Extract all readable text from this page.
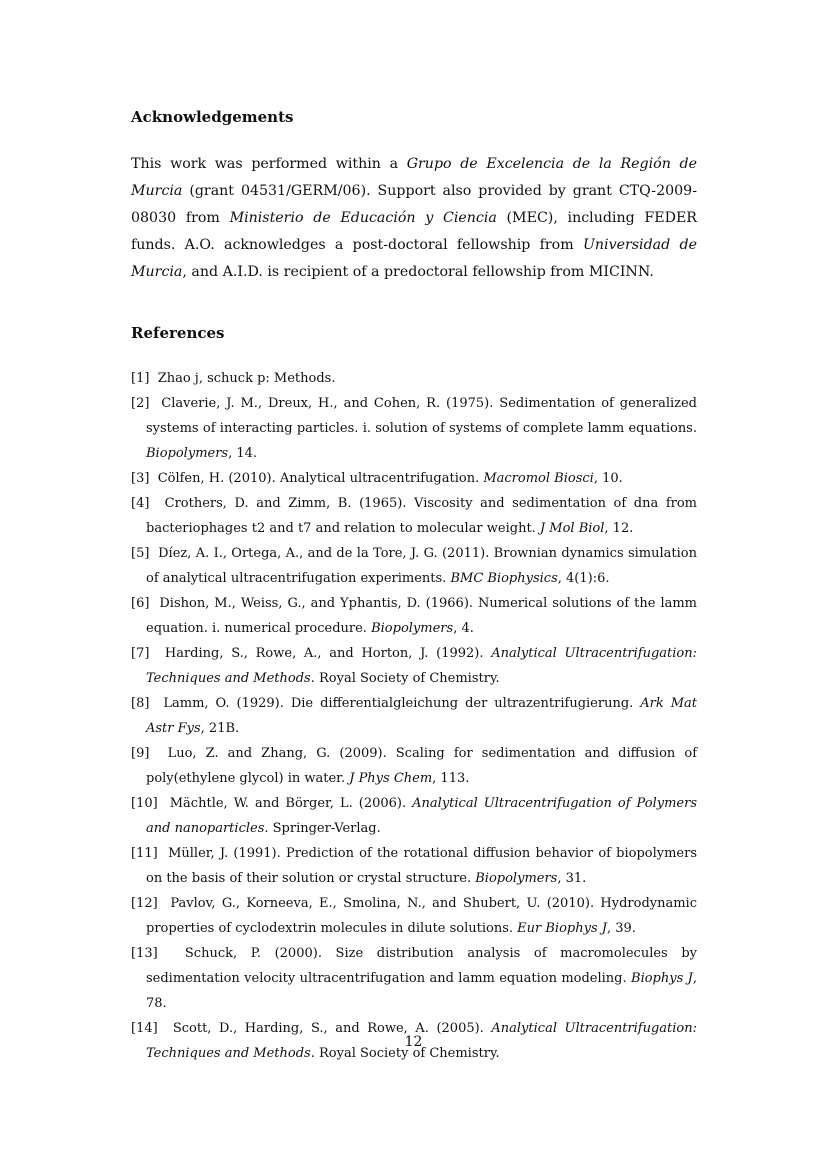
Acknowledgements

This work was performed within a Grupo de Excelencia de la Región de Murcia (grant 04531/GERM/06). Support also provided by grant CTQ-2009-08030 from Ministerio de Educación y Ciencia (MEC), including FEDER funds. A.O. acknowledges a post-doctoral fellowship from Universidad de Murcia, and A.I.D. is recipient of a predoctoral fellowship from MICINN.

References
[1] Zhao j, schuck p: Methods.
[2] Claverie, J. M., Dreux, H., and Cohen, R. (1975). Sedimentation of generalized systems of interacting particles. i. solution of systems of complete lamm equations. Biopolymers, 14.
[3] Cölfen, H. (2010). Analytical ultracentrifugation. Macromol Biosci, 10.
[4] Crothers, D. and Zimm, B. (1965). Viscosity and sedimentation of dna from bacteriophages t2 and t7 and relation to molecular weight. J Mol Biol, 12.
[5] Díez, A. I., Ortega, A., and de la Tore, J. G. (2011). Brownian dynamics simulation of analytical ultracentrifugation experiments. BMC Biophysics, 4(1):6.
[6] Dishon, M., Weiss, G., and Yphantis, D. (1966). Numerical solutions of the lamm equation. i. numerical procedure. Biopolymers, 4.
[7] Harding, S., Rowe, A., and Horton, J. (1992). Analytical Ultracentrifugation: Techniques and Methods. Royal Society of Chemistry.
[8] Lamm, O. (1929). Die differentialgleichung der ultrazentrifugierung. Ark Mat Astr Fys, 21B.
[9] Luo, Z. and Zhang, G. (2009). Scaling for sedimentation and diffusion of poly(ethylene glycol) in water. J Phys Chem, 113.
[10] Mächtle, W. and Börger, L. (2006). Analytical Ultracentrifugation of Polymers and nanoparticles. Springer-Verlag.
[11] Müller, J. (1991). Prediction of the rotational diffusion behavior of biopolymers on the basis of their solution or crystal structure. Biopolymers, 31.
[12] Pavlov, G., Korneeva, E., Smolina, N., and Shubert, U. (2010). Hydrodynamic properties of cyclodextrin molecules in dilute solutions. Eur Biophys J, 39.
[13] Schuck, P. (2000). Size distribution analysis of macromolecules by sedimentation velocity ultracentrifugation and lamm equation modeling. Biophys J, 78.
[14] Scott, D., Harding, S., and Rowe, A. (2005). Analytical Ultracentrifugation: Techniques and Methods. Royal Society of Chemistry.
12
